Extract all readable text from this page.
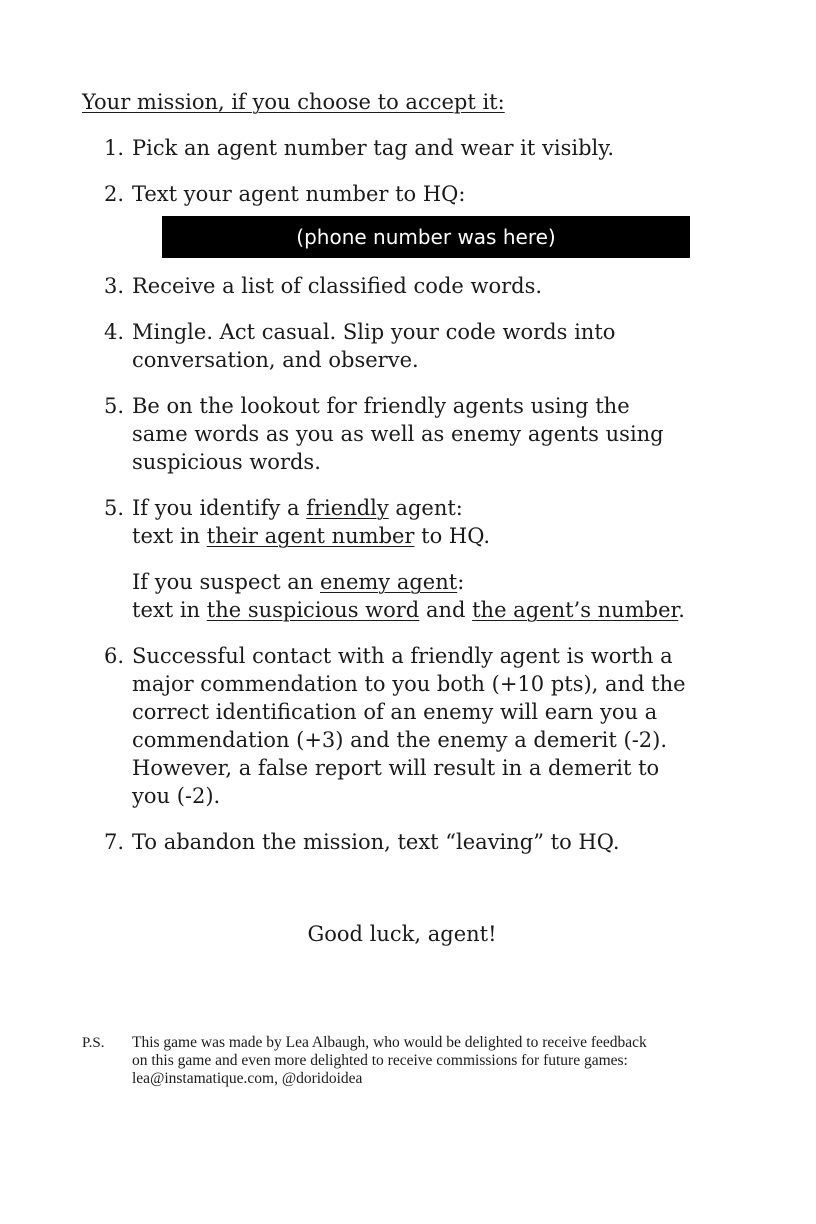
Your mission, if you choose to accept it:
1. Pick an agent number tag and wear it visibly.
2. Text your agent number to HQ:
(phone number was here)
3. Receive a list of classified code words.
4. Mingle. Act casual. Slip your code words into
conversation, and observe.
5. Be on the lookout for friendly agents using the
same words as you as well as enemy agents using
suspicious words.
5. If you identify a friendly agent:
text in their agent number to HQ.
If you suspect an enemy agent:
text in the suspicious word and the agent’s number.
6. Successful contact with a friendly agent is worth a
major commendation to you both (+10 pts), and the
correct identification of an enemy will earn you a
commendation (+3) and the enemy a demerit (-2).
However, a false report will result in a demerit to
you (-2).
7. To abandon the mission, text “leaving” to HQ.
Good luck, agent!
P.S. This game was made by Lea Albaugh, who would be delighted to receive feedback
on this game and even more delighted to receive commissions for future games:
lea@instamatique.com, @doridoidea
